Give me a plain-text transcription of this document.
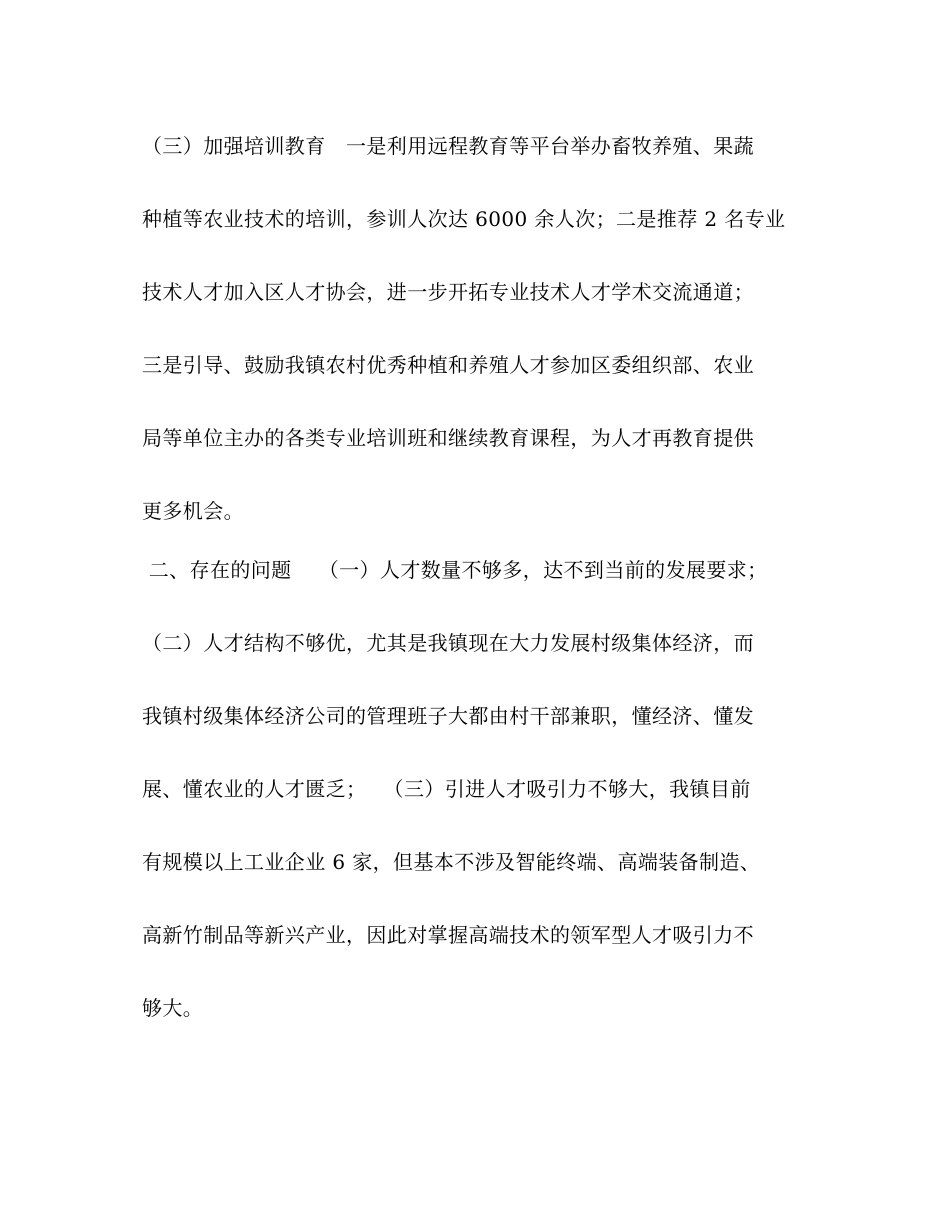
（三）加强培训教育　一是利用远程教育等平台举办畜牧养殖、果蔬
种植等农业技术的培训，参训人次达 6000 余人次；二是推荐 2 名专业
技术人才加入区人才协会，进一步开拓专业技术人才学术交流通道；
三是引导、鼓励我镇农村优秀种植和养殖人才参加区委组织部、农业
局等单位主办的各类专业培训班和继续教育课程，为人才再教育提供
更多机会。
二、存在的问题　 （一）人才数量不够多，达不到当前的发展要求；
（二）人才结构不够优，尤其是我镇现在大力发展村级集体经济，而
我镇村级集体经济公司的管理班子大都由村干部兼职，懂经济、懂发
展、懂农业的人才匮乏；　 （三）引进人才吸引力不够大，我镇目前
有规模以上工业企业 6 家，但基本不涉及智能终端、高端装备制造、
高新竹制品等新兴产业，因此对掌握高端技术的领军型人才吸引力不
够大。
